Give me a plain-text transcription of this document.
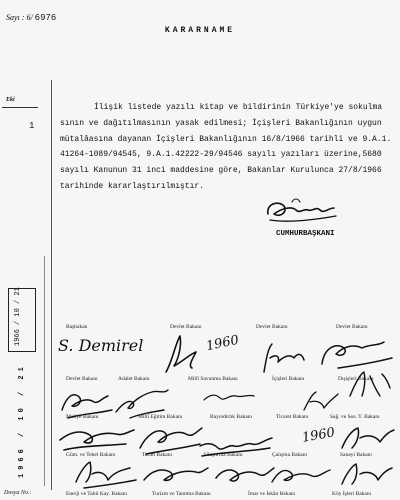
Sayı : 6/ 6976
KARARNAME
Eki
1
İlişik listede yazılı kitap ve bildirinin Türkiye'ye sokulma
sının ve dağıtılmasının yasak edilmesi; İçişleri Bakanlığının uygun
mütalâasına dayanan İçişleri Bakanlığının 16/8/1966 tarihli ve 9.A.1.
41264-1089/94545, 9.A.1.42222-29/94546 sayılı yazıları üzerine,5680
sayılı Kanunun 31 inci maddesine göre, Bakanlar Kurulunca 27/8/1966
tarihinde kararlaştırılmıştır.
CUMHURBAŞKANI
1966 / 10 / 21
1966 / 10 / 21
Başbakan	Devlet Bakanı	Devlet Bakanı	Devlet Bakanı
Devlet Bakanı	Adalet Bakanı	Millî Savunma Bakanı	İçişleri Bakanı	Dışişleri Bakanı
Maliye Bakanı	Millî Eğitim Bakanı	Bayındırlık Bakanı	Ticaret Bakanı	Sağ. ve Sos. Y. Bakanı
Güm. ve Tekel Bakanı	Tarım Bakanı	Ulaştırma Bakanı	Çalışma Bakanı	Sanayi Bakanı
Enerji ve Tabii Kay. Bakanı	Turizm ve Tanıtma Bakanı	İmar ve İskân Bakanı	Köy İşleri Bakanı
Dosya No.:
S. Demirel	1960
1960
